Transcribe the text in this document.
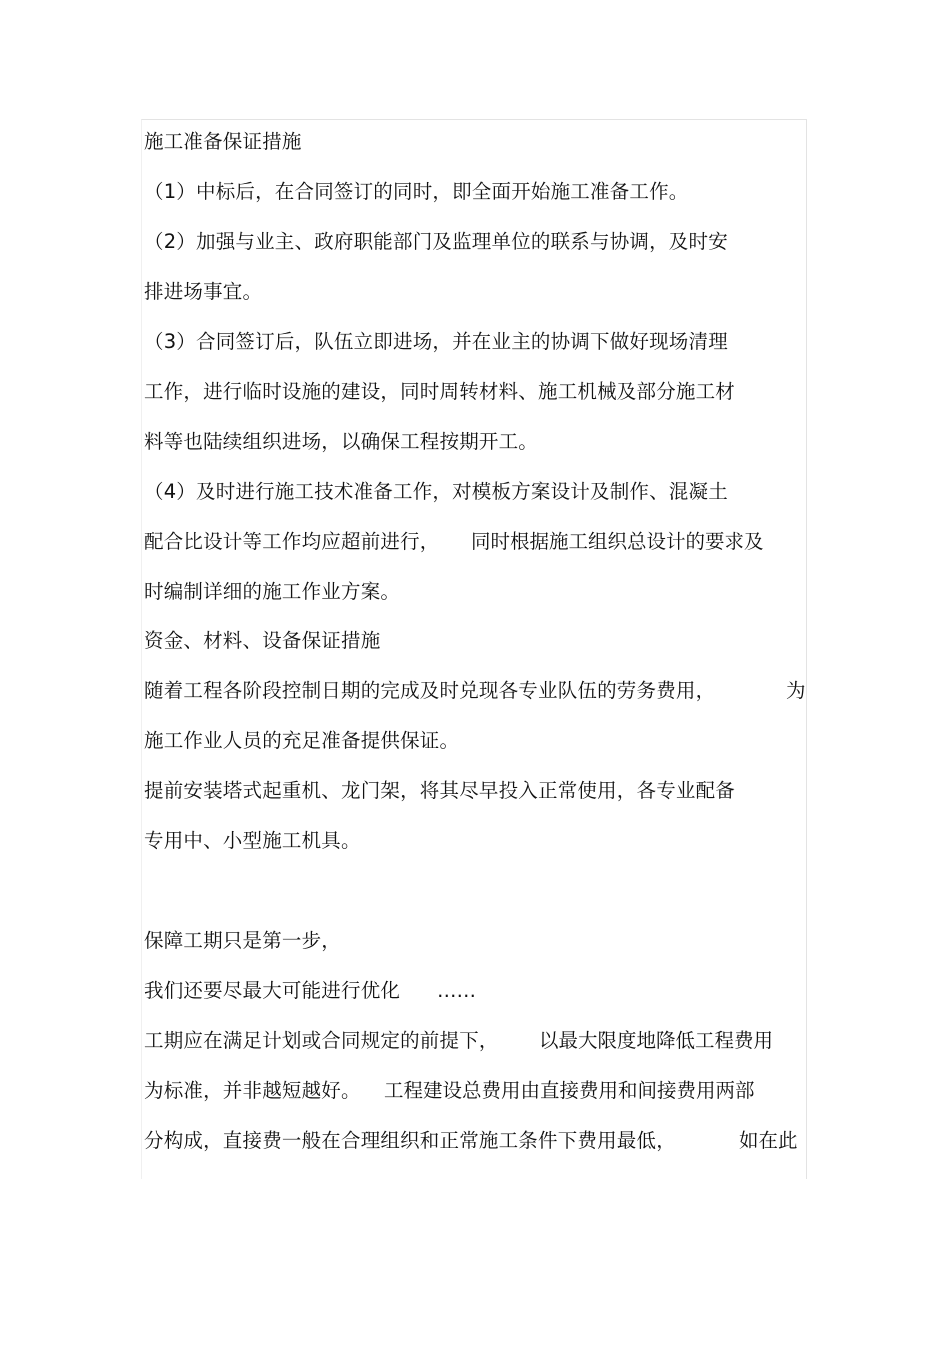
施工准备保证措施
（1）中标后，在合同签订的同时，即全面开始施工准备工作。
（2）加强与业主、政府职能部门及监理单位的联系与协调，及时安
排进场事宜。
（3）合同签订后，队伍立即进场，并在业主的协调下做好现场清理
工作，进行临时设施的建设，同时周转材料、施工机械及部分施工材
料等也陆续组织进场，以确保工程按期开工。
（4）及时进行施工技术准备工作，对模板方案设计及制作、混凝土
配合比设计等工作均应超前进行， 同时根据施工组织总设计的要求及
时编制详细的施工作业方案。
资金、材料、设备保证措施
随着工程各阶段控制日期的完成及时兑现各专业队伍的劳务费用，	为
施工作业人员的充足准备提供保证。
提前安装塔式起重机、龙门架，将其尽早投入正常使用，各专业配备
专用中、小型施工机具。
保障工期只是第一步，
我们还要尽最大可能进行优化 ……
工期应在满足计划或合同规定的前提下， 以最大限度地降低工程费用
为标准，并非越短越好。 工程建设总费用由直接费用和间接费用两部
分构成，直接费一般在合理组织和正常施工条件下费用最低，	如在此
